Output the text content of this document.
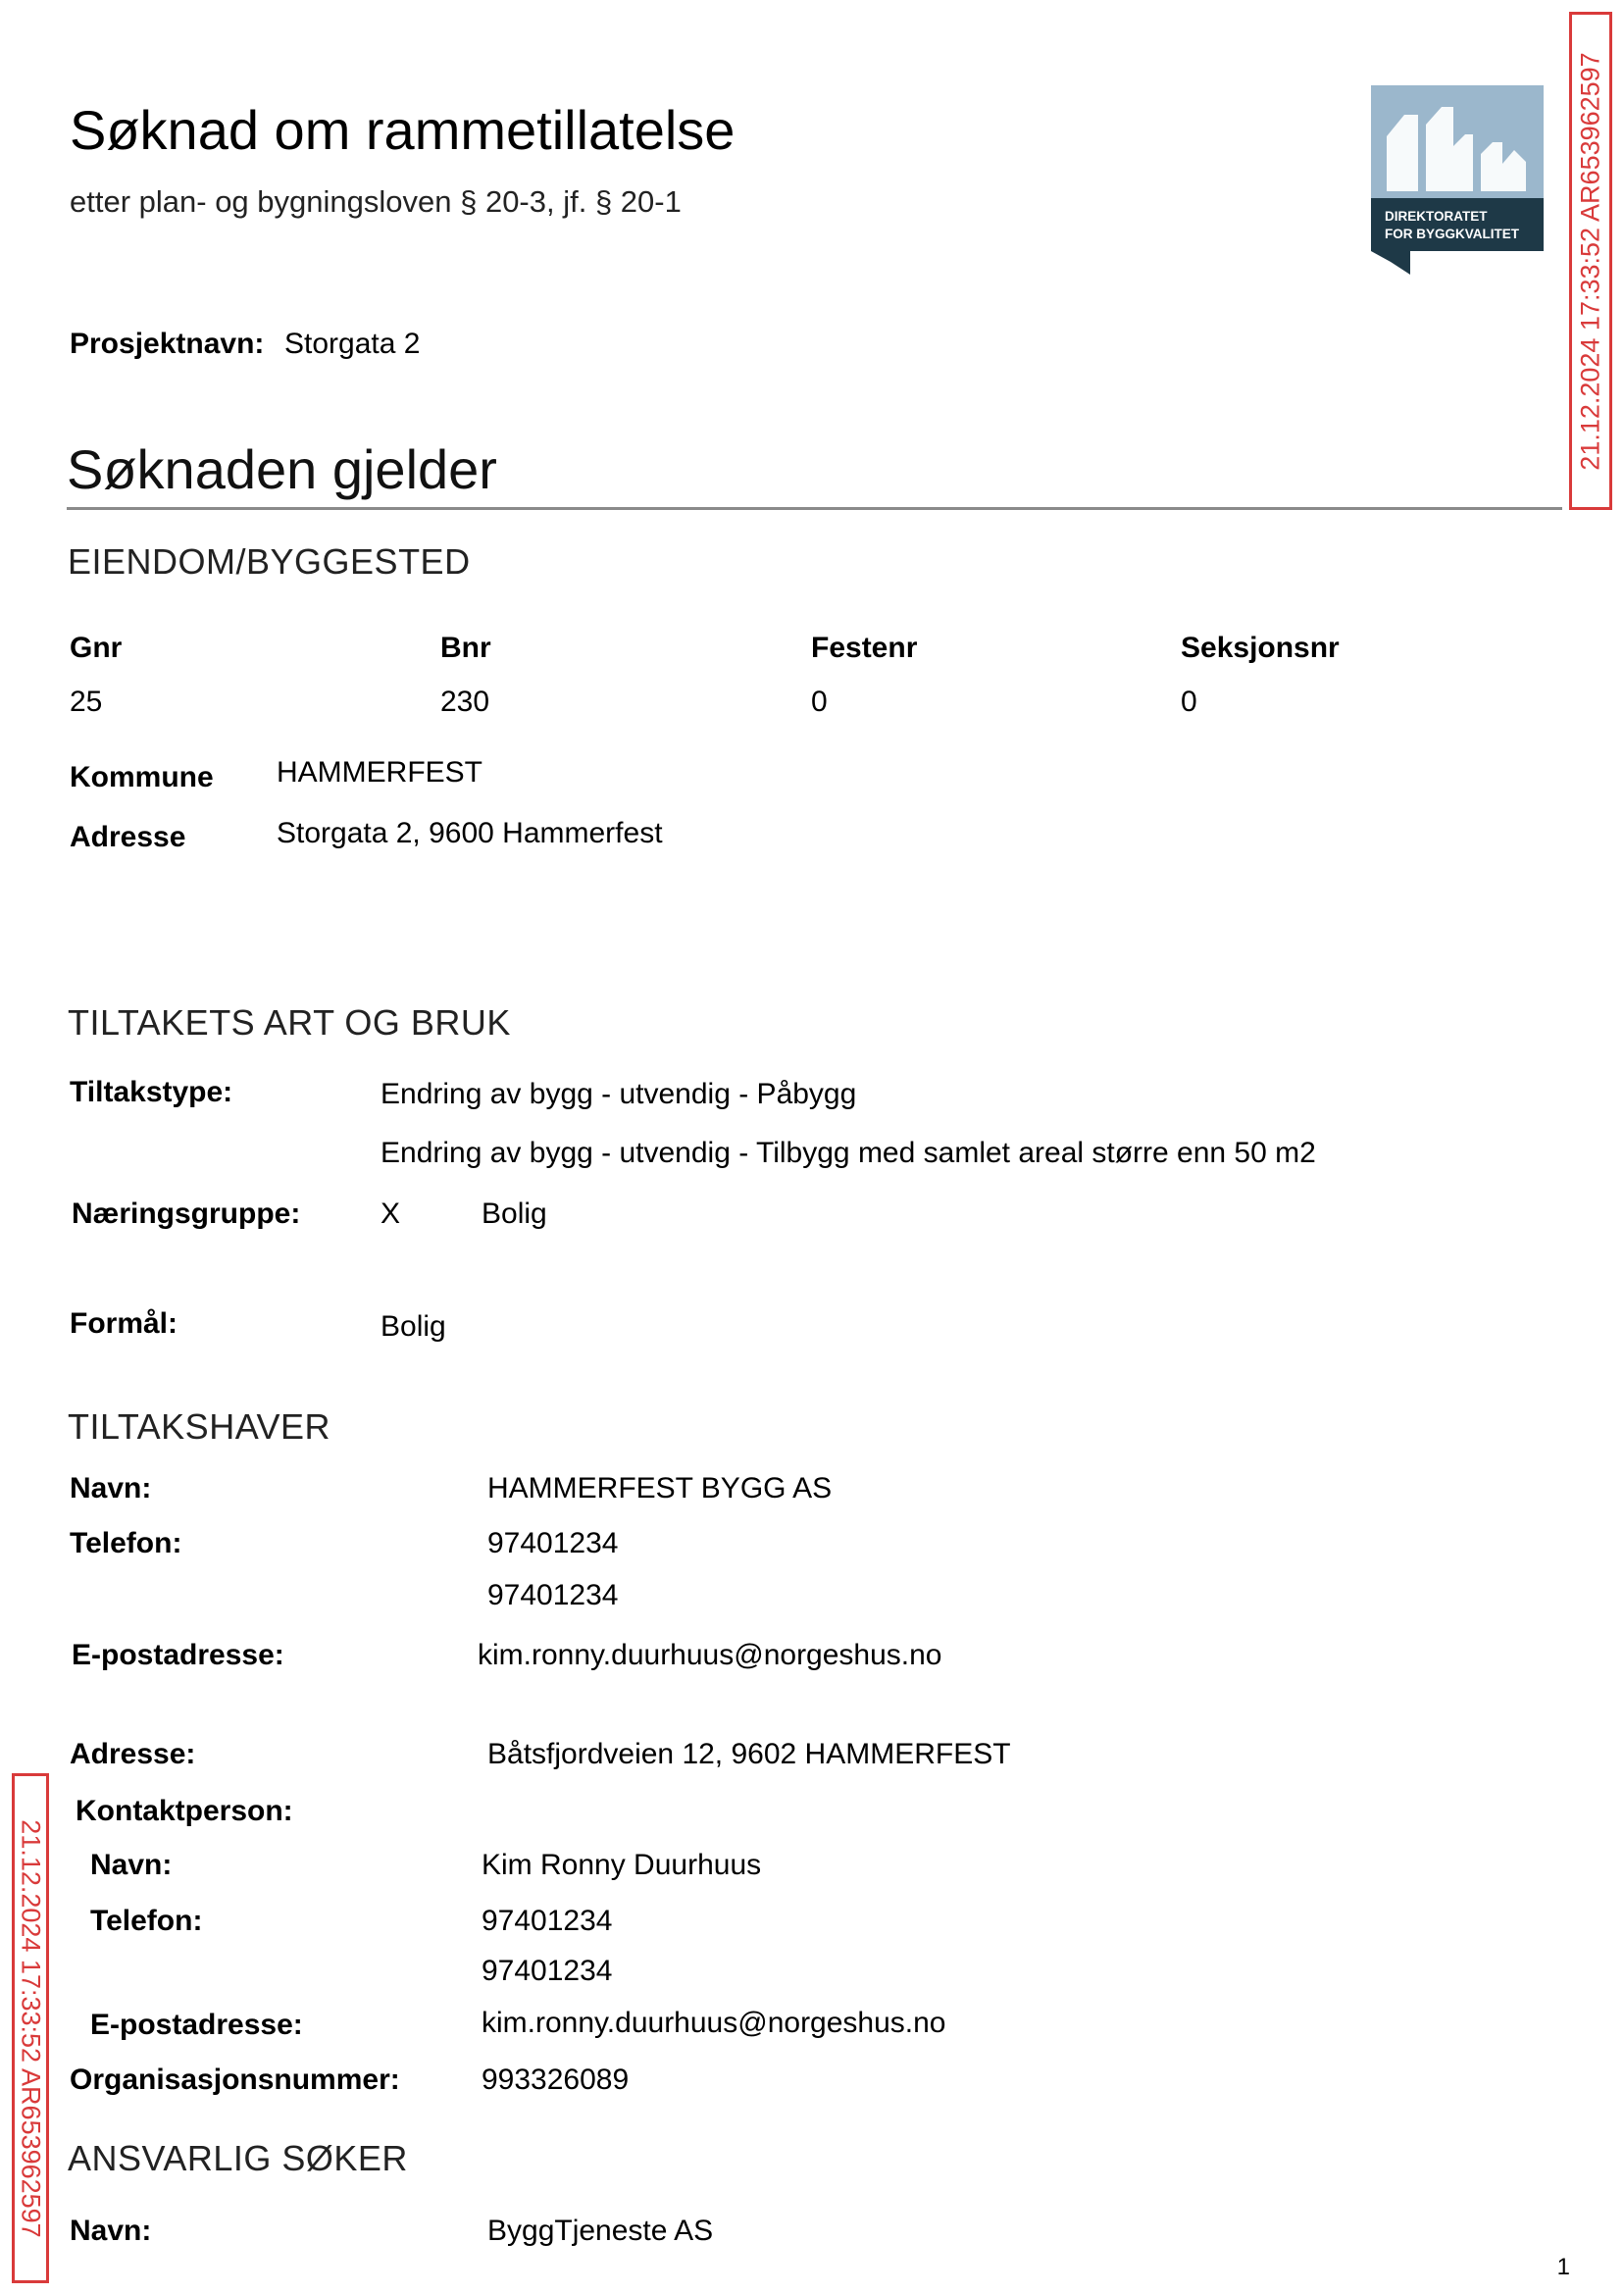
Søknad om rammetillatelse
etter plan- og bygningsloven § 20-3, jf. § 20-1	DIREKTORATET
FOR BYGGKVALITET 21.12.2024 17:33:52 AR653962597
21.12.2024 17:33:52 AR653962597
Prosjektnavn: Storgata 2
Søknaden gjelder
EIENDOM/BYGGESTED
Gnr	Bnr	Festenr	Seksjonsnr
25	230	0	0
Kommune HAMMERFEST
Adresse	Storgata 2, 9600 Hammerfest
TILTAKETS ART OG BRUK
Tiltakstype:	Endring av bygg - utvendig - Påbygg
Endring av bygg - utvendig - Tilbygg med samlet areal større enn 50 m2
Næringsgruppe:	X	Bolig
Formål:	Bolig
TILTAKSHAVER
Navn:	HAMMERFEST BYGG AS
Telefon:	97401234
97401234
E-postadresse:	kim.ronny.duurhuus@norgeshus.no
Adresse:	Båtsfjordveien 12, 9602 HAMMERFEST
Kontaktperson:
Navn:	Kim Ronny Duurhuus
Telefon:	97401234
97401234
E-postadresse:	kim.ronny.duurhuus@norgeshus.no
Organisasjonsnummer:	993326089
ANSVARLIG SØKER
Navn:	ByggTjeneste AS
1
